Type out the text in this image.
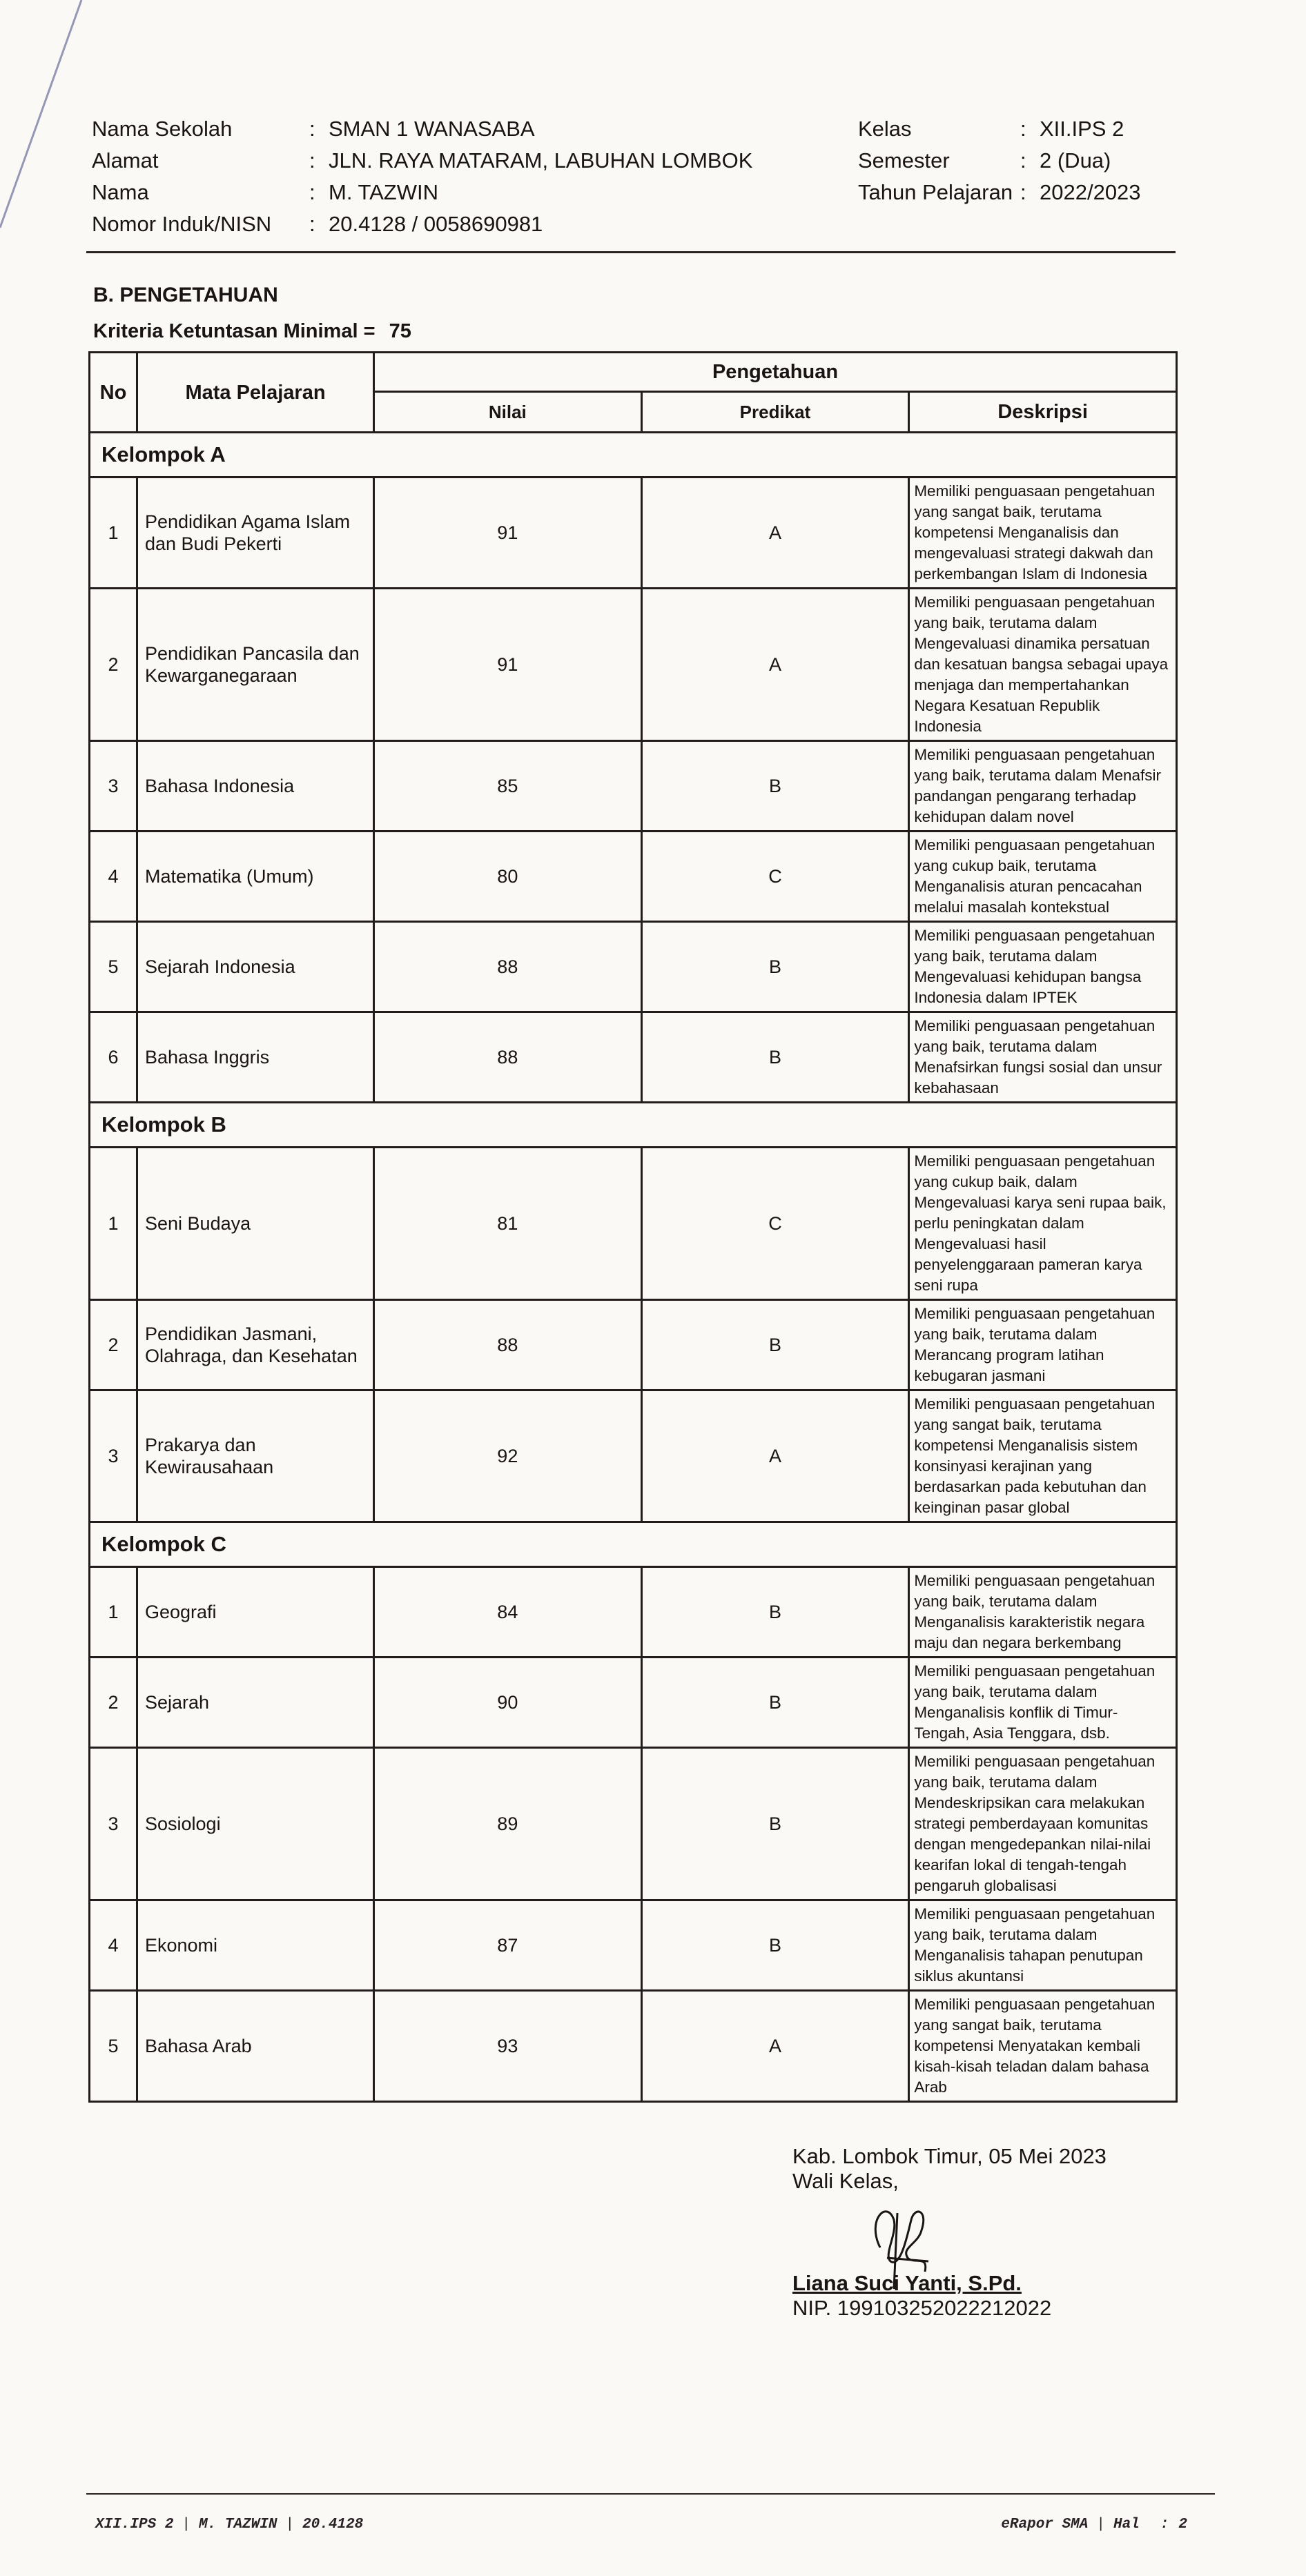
Nama Sekolah	: SMAN 1 WANASABA
Alamat	: JLN. RAYA MATARAM, LABUHAN LOMBOK
Nama	: M. TAZWIN
Nomor Induk/NISN	: 20.4128 / 0058690981
Kelas	: XII.IPS 2
Semester	: 2 (Dua)
Tahun Pelajaran : 2022/2023
B. PENGETAHUAN
Kriteria Ketuntasan Minimal = 75
No	Mata Pelajaran	Pengetahuan		
		Nilai	Predikat	Deskripsi
Kelompok A				
1	Pendidikan Agama Islam dan Budi Pekerti	91	A	Memiliki penguasaan pengetahuan yang sangat baik, terutama kompetensi Menganalisis dan mengevaluasi strategi dakwah dan perkembangan Islam di Indonesia
2	Pendidikan Pancasila dan Kewarganegaraan	91	A	Memiliki penguasaan pengetahuan yang baik, terutama dalam Mengevaluasi dinamika persatuan dan kesatuan bangsa sebagai upaya menjaga dan mempertahankan Negara Kesatuan Republik Indonesia
3	Bahasa Indonesia	85	B	Memiliki penguasaan pengetahuan yang baik, terutama dalam Menafsir pandangan pengarang terhadap kehidupan dalam novel
4	Matematika (Umum)	80	C	Memiliki penguasaan pengetahuan yang cukup baik, terutama Menganalisis aturan pencacahan melalui masalah kontekstual
5	Sejarah Indonesia	88	B	Memiliki penguasaan pengetahuan yang baik, terutama dalam Mengevaluasi kehidupan bangsa Indonesia dalam IPTEK
6	Bahasa Inggris	88	B	Memiliki penguasaan pengetahuan yang baik, terutama dalam Menafsirkan fungsi sosial dan unsur kebahasaan
Kelompok B				
1	Seni Budaya	81	C	Memiliki penguasaan pengetahuan yang cukup baik, dalam Mengevaluasi karya seni rupaa baik, perlu peningkatan dalam Mengevaluasi hasil penyelenggaraan pameran karya seni rupa
2	Pendidikan Jasmani, Olahraga, dan Kesehatan	88	B	Memiliki penguasaan pengetahuan yang baik, terutama dalam Merancang program latihan kebugaran jasmani
3	Prakarya dan Kewirausahaan	92	A	Memiliki penguasaan pengetahuan yang sangat baik, terutama kompetensi Menganalisis sistem konsinyasi kerajinan yang berdasarkan pada kebutuhan dan keinginan pasar global
Kelompok C				
1	Geografi	84	B	Memiliki penguasaan pengetahuan yang baik, terutama dalam Menganalisis karakteristik negara maju dan negara berkembang
2	Sejarah	90	B	Memiliki penguasaan pengetahuan yang baik, terutama dalam Menganalisis konflik di Timur-Tengah, Asia Tenggara, dsb.
3	Sosiologi	89	B	Memiliki penguasaan pengetahuan yang baik, terutama dalam Mendeskripsikan cara melakukan strategi pemberdayaan komunitas dengan mengedepankan nilai-nilai kearifan lokal di tengah-tengah pengaruh globalisasi
4	Ekonomi	87	B	Memiliki penguasaan pengetahuan yang baik, terutama dalam Menganalisis tahapan penutupan siklus akuntansi
5	Bahasa Arab	93	A	Memiliki penguasaan pengetahuan yang sangat baik, terutama kompetensi Menyatakan kembali kisah-kisah teladan dalam bahasa Arab
Kab. Lombok Timur, 05 Mei 2023
Wali Kelas,
Liana Suci Yanti, S.Pd.
NIP. 199103252022212022
XII.IPS 2 | M. TAZWIN | 20.4128	eRapor SMA | Hal : 2
